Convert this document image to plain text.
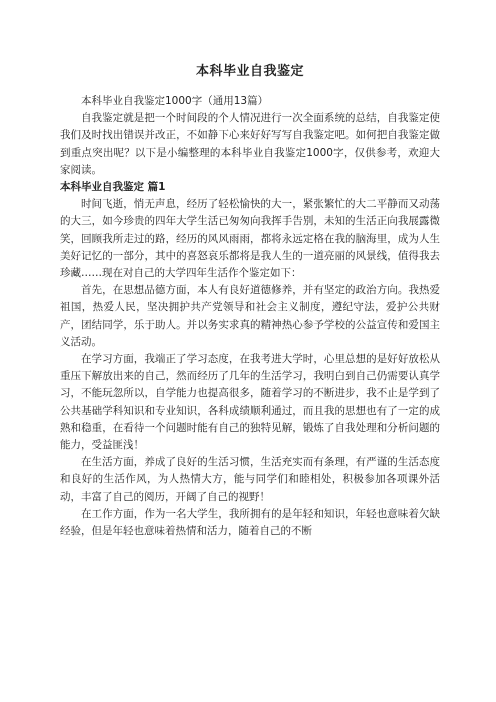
本科毕业自我鉴定

本科毕业自我鉴定1000字（通用13篇）

自我鉴定就是把一个时间段的个人情况进行一次全面系统的总结，自我鉴定使我们及时找出错误并改正，不如静下心来好好写写自我鉴定吧。如何把自我鉴定做到重点突出呢？以下是小编整理的本科毕业自我鉴定1000字，仅供参考，欢迎大家阅读。

本科毕业自我鉴定 篇1

时间飞逝，悄无声息，经历了轻松愉快的大一，紧张繁忙的大二平静而又动荡的大三，如今珍贵的四年大学生活已匆匆向我挥手告别，未知的生活正向我展露微笑，回顾我所走过的路，经历的风风雨雨，都将永远定格在我的脑海里，成为人生美好记忆的一部分，其中的喜怒哀乐都将是我人生的一道亮丽的风景线，值得我去珍藏……现在对自己的大学四年生活作个鉴定如下：

首先，在思想品德方面，本人有良好道德修养，并有坚定的政治方向。我热爱祖国，热爱人民，坚决拥护共产党领导和社会主义制度，遵纪守法，爱护公共财产，团结同学，乐于助人。并以务实求真的精神热心参予学校的公益宣传和爱国主义活动。

在学习方面，我端正了学习态度，在我考进大学时，心里总想的是好好放松从重压下解放出来的自己，然而经历了几年的生活学习，我明白到自己仍需要认真学习，不能玩忽所以，自学能力也提高很多，随着学习的不断进步，我不止是学到了公共基础学科知识和专业知识，各科成绩顺利通过，而且我的思想也有了一定的成熟和稳重，在看待一个问题时能有自己的独特见解，锻炼了自我处理和分析问题的能力，受益匪浅！

在生活方面，养成了良好的生活习惯，生活充实而有条理，有严谨的生活态度和良好的生活作风，为人热情大方，能与同学们和睦相处，积极参加各项课外活动，丰富了自己的阅历，开阔了自己的视野！

在工作方面，作为一名大学生，我所拥有的是年轻和知识，年轻也意味着欠缺经验，但是年轻也意味着热情和活力，随着自己的不断
